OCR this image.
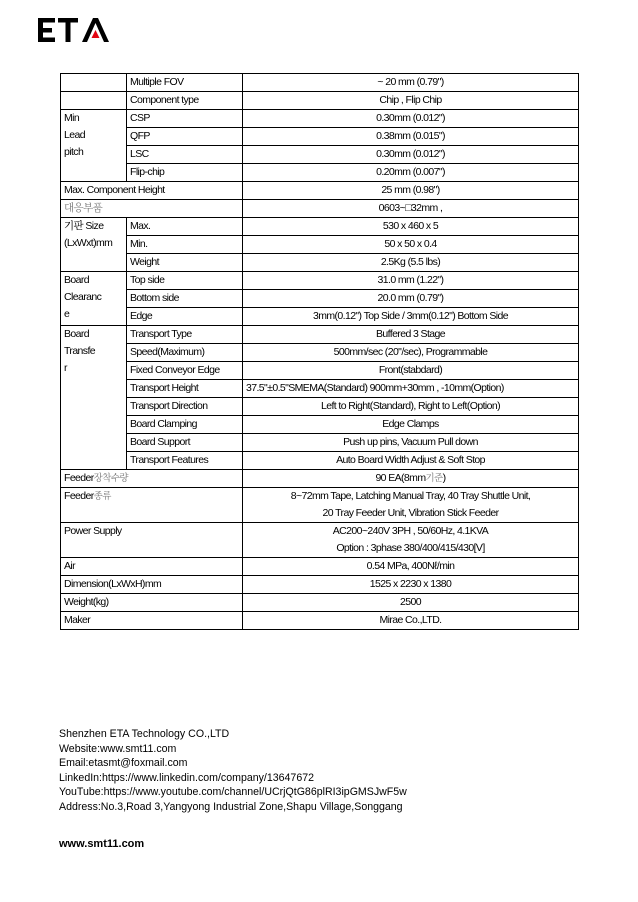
	Multiple FOV	~ 20 mm (0.79")
	Component type	Chip , Flip Chip

Min
Lead
pitch	CSP	0.30mm (0.012")
	QFP	0.38mm (0.015")
	LSC	0.30mm (0.012")
	Flip-chip	0.20mm (0.007")
Max. Component Height		25 mm (0.98")
대응부품		0603~□32mm ,

기판 Size
(LxWxt)mm	Max.	530 x 460 x 5
	Min.	50 x 50 x 0.4
	Weight	2.5Kg (5.5 lbs)

Board
Clearanc
e	Top side	31.0 mm (1.22")
	Bottom side	20.0 mm (0.79")
	Edge	3mm(0.12") Top Side / 3mm(0.12") Bottom Side

Board
Transfe
r	Transport Type	Buffered 3 Stage
	Speed(Maximum)	500mm/sec (20"/sec), Programmable
	Fixed Conveyor Edge	Front(stabdard)
	Transport Height	37.5"±0.5"SMEMA(Standard) 900mm+30mm , -10mm(Option)
	Transport Direction	Left to Right(Standard), Right to Left(Option)
	Board Clamping	Edge Clamps
	Board Support	Push up pins, Vacuum Pull down
	Transport Features	Auto Board Width Adjust & Soft Stop
Feeder장착수량		90 EA(8mm기준)
Feeder종류		8~72mm Tape, Latching Manual Tray, 40 Tray Shuttle Unit,
20 Tray Feeder Unit, Vibration Stick Feeder

Power Supply		AC200~240V 3PH , 50/60Hz, 4.1KVA
Option : 3phase 380/400/415/430[V]

Air		0.54 MPa, 400Nℓ/min
Dimension(LxWxH)mm		1525 x 2230 x 1380
Weight(kg)		2500
Maker		Mirae Co.,LTD.
Shenzhen ETA Technology CO.,LTD
Website:www.smt11.com
Email:etasmt@foxmail.com
LinkedIn:https://www.linkedin.com/company/13647672
YouTube:https://www.youtube.com/channel/UCrjQtG86plRI3ipGMSJwF5w
Address:No.3,Road 3,Yangyong Industrial Zone,Shapu Village,Songgang
www.smt11.com
